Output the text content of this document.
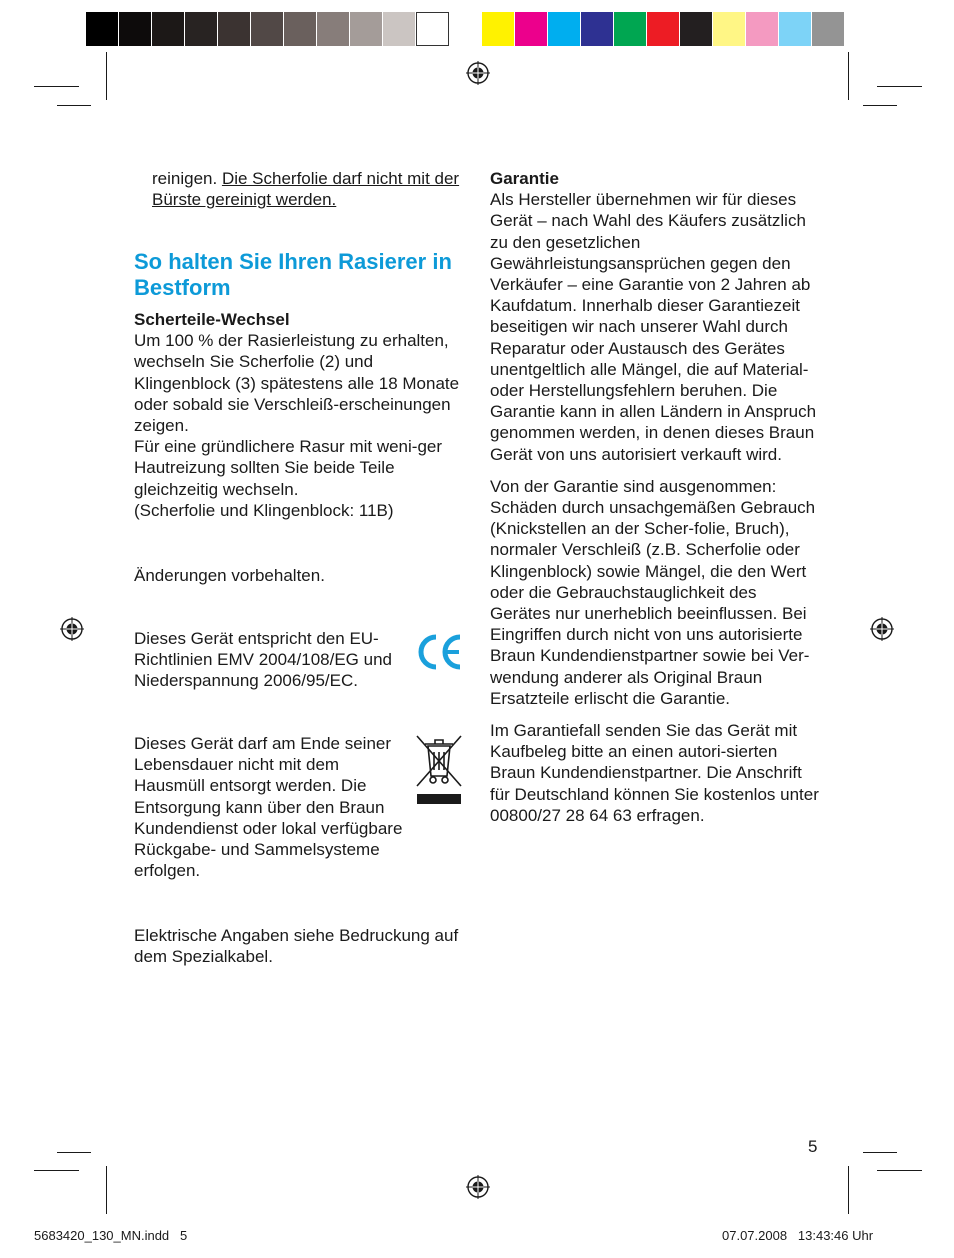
reinigen. Die Scherfolie darf nicht mit der Bürste gereinigt werden.
So halten Sie Ihren Rasierer in Bestform

Scherteile-Wechsel

Um 100 % der Rasierleistung zu erhalten, wechseln Sie Scherfolie (2) und Klingenblock (3) spätestens alle 18 Monate oder sobald sie Verschleiß-erscheinungen zeigen.

Für eine gründlichere Rasur mit weni-ger Hautreizung sollten Sie beide Teile gleichzeitig wechseln.

(Scherfolie und Klingenblock: 11B)

Änderungen vorbehalten.
Dieses Gerät entspricht den EU-Richtlinien EMV 2004/108/EG und Niederspannung 2006/95/EC.
Dieses Gerät darf am Ende seiner Lebensdauer nicht mit dem Hausmüll entsorgt werden. Die Entsorgung kann über den Braun Kundendienst oder lokal verfügbare Rückgabe- und Sammelsysteme erfolgen.
Elektrische Angaben siehe Bedruckung auf dem Spezialkabel.

Garantie

Als Hersteller übernehmen wir für dieses Gerät – nach Wahl des Käufers zusätzlich zu den gesetzlichen Gewährleistungsansprüchen gegen den Verkäufer – eine Garantie von 2 Jahren ab Kaufdatum. Innerhalb dieser Garantiezeit beseitigen wir nach unserer Wahl durch Reparatur oder Austausch des Gerätes unentgeltlich alle Mängel, die auf Material- oder Herstellungsfehlern beruhen. Die Garantie kann in allen Ländern in Anspruch genommen werden, in denen dieses Braun Gerät von uns autorisiert verkauft wird.

Von der Garantie sind ausgenommen: Schäden durch unsachgemäßen Gebrauch (Knickstellen an der Scher-folie, Bruch), normaler Verschleiß (z.B. Scherfolie oder Klingenblock) sowie Mängel, die den Wert oder die Gebrauchstauglichkeit des Gerätes nur unerheblich beeinflussen. Bei Eingriffen durch nicht von uns autorisierte Braun Kundendienstpartner sowie bei Ver-wendung anderer als Original Braun Ersatzteile erlischt die Garantie.

Im Garantiefall senden Sie das Gerät mit Kaufbeleg bitte an einen autori-sierten Braun Kundendienstpartner. Die Anschrift für Deutschland können Sie kostenlos unter 00800/27 28 64 63 erfragen.

5
5683420_130_MN.indd   5	07.07.2008   13:43:46 Uhr
